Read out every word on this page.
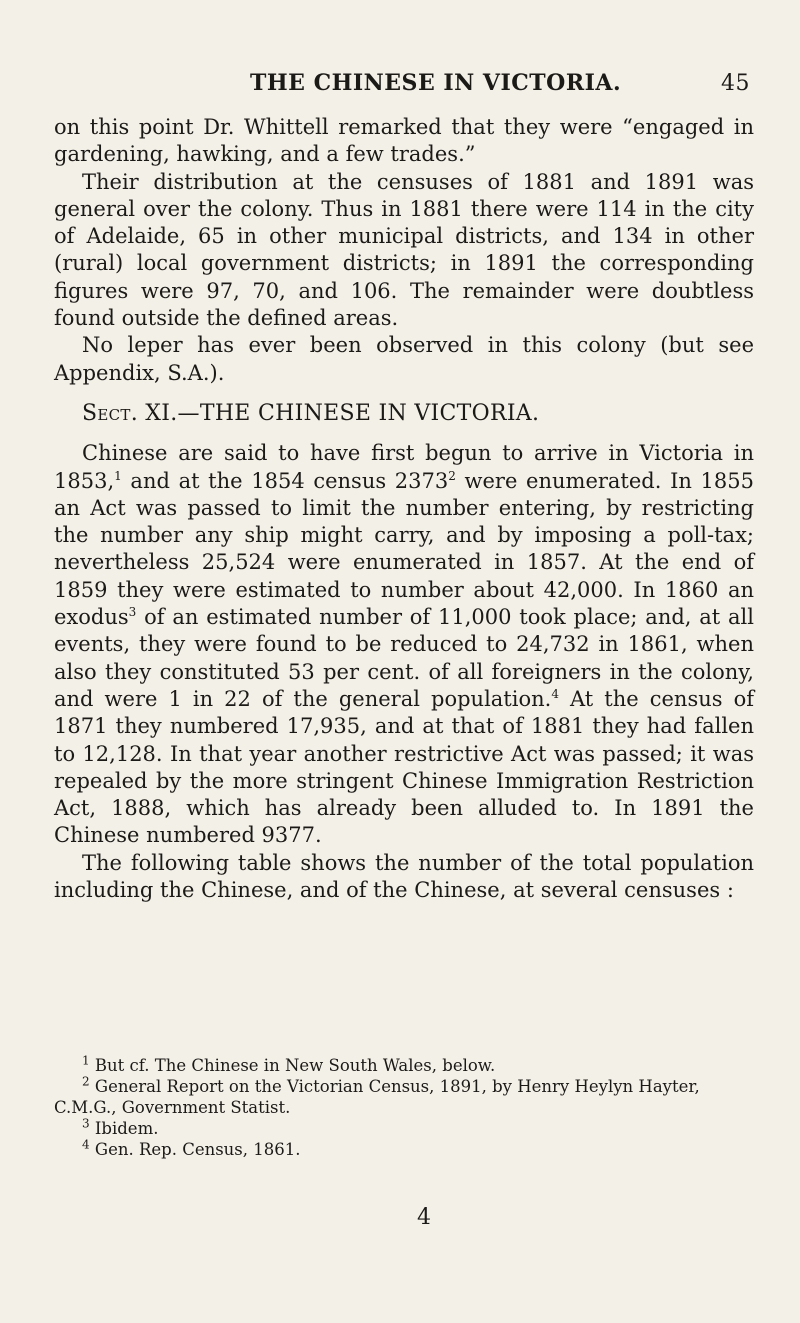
THE CHINESE IN VICTORIA.	45

on this point Dr. Whittell remarked that they were “engaged in gardening, hawking, and a few trades.”

Their distribution at the censuses of 1881 and 1891 was general over the colony. Thus in 1881 there were 114 in the city of Adelaide, 65 in other municipal districts, and 134 in other (rural) local government districts; in 1891 the corresponding figures were 97, 70, and 106. The remainder were doubtless found outside the defined areas.

No leper has ever been observed in this colony (but see Appendix, S.A.).

Sect. XI.—THE CHINESE IN VICTORIA.

Chinese are said to have first begun to arrive in Victoria in 1853,$^1$ and at the 1854 census 2373$^2$ were enumerated. In 1855 an Act was passed to limit the number entering, by restricting the number any ship might carry, and by imposing a poll-tax; nevertheless 25,524 were enumerated in 1857. At the end of 1859 they were estimated to number about 42,000. In 1860 an exodus$^3$ of an estimated number of 11,000 took place; and, at all events, they were found to be reduced to 24,732 in 1861, when also they constituted 53 per cent. of all foreigners in the colony, and were 1 in 22 of the general population.$^4$ At the census of 1871 they numbered 17,935, and at that of 1881 they had fallen to 12,128. In that year another restrictive Act was passed; it was repealed by the more stringent Chinese Immigration Restriction Act, 1888, which has already been alluded to. In 1891 the Chinese numbered 9377.

The following table shows the number of the total population including the Chinese, and of the Chinese, at several censuses :

$^1$ But cf. The Chinese in New South Wales, below.

$^2$ General Report on the Victorian Census, 1891, by Henry Heylyn Hayter, C.M.G., Government Statist.

$^3$ Ibidem.

$^4$ Gen. Rep. Census, 1861.

4
